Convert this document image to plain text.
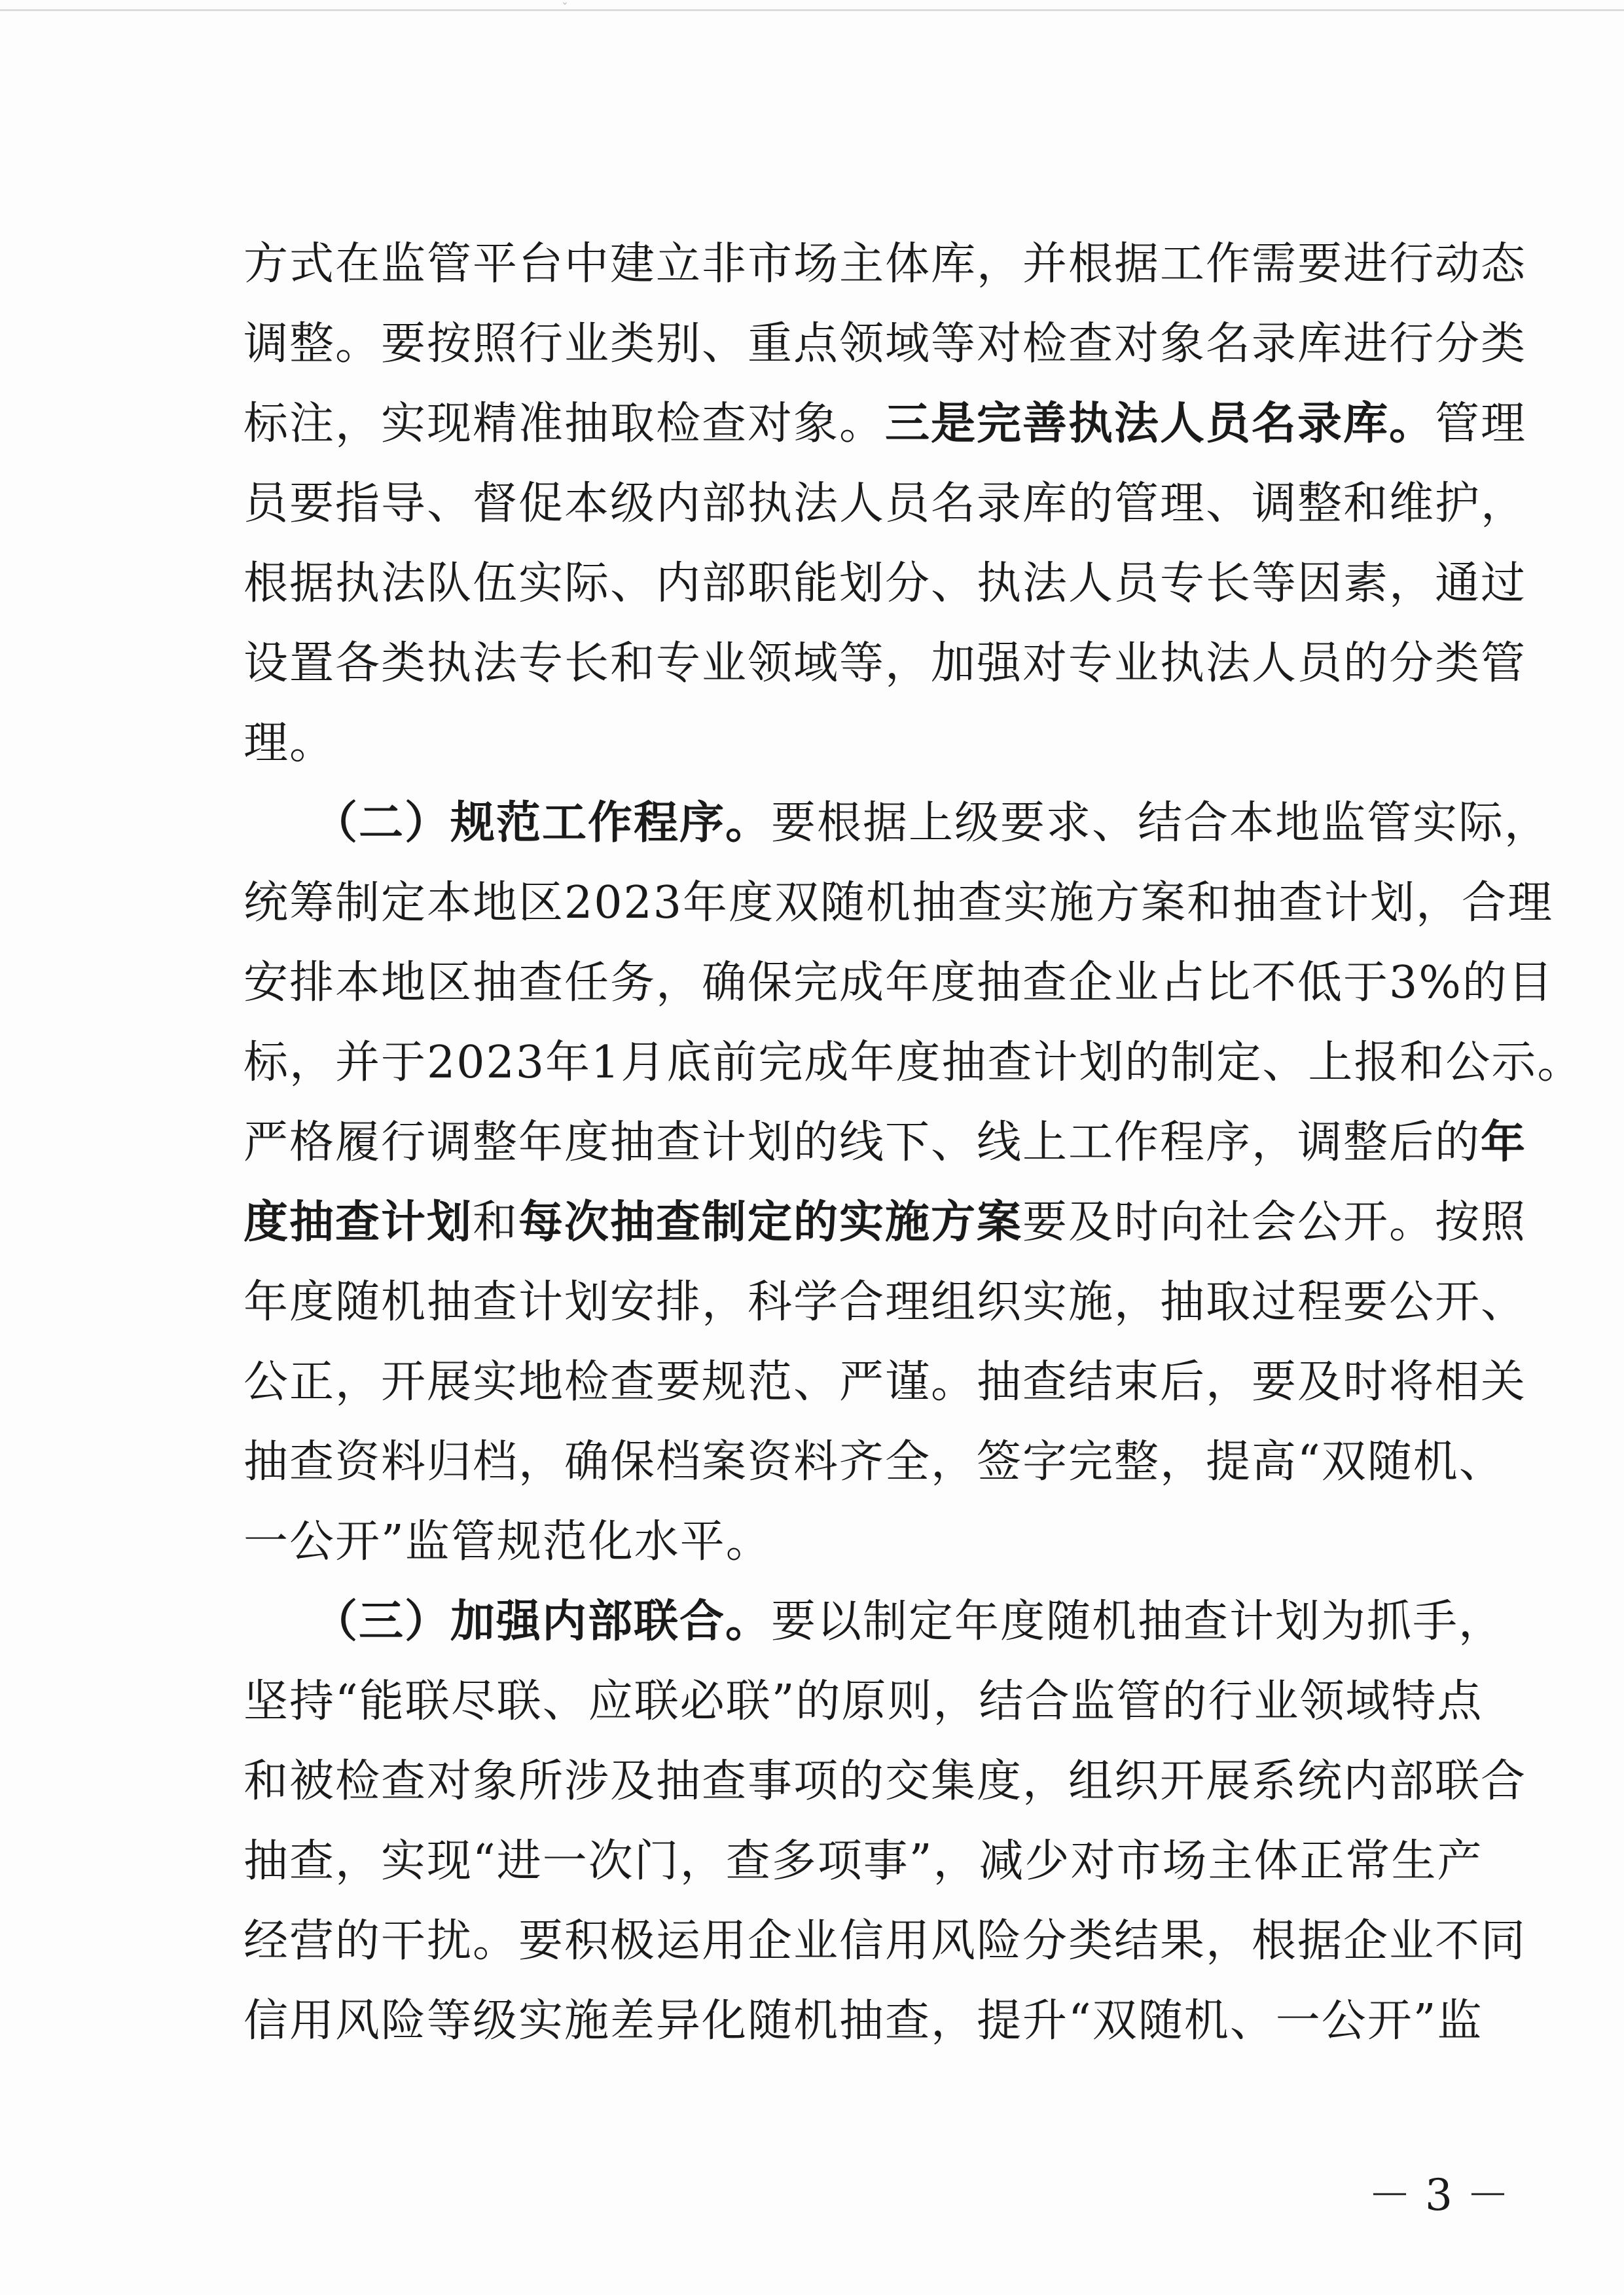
ˇ
方式在监管平台中建立非市场主体库，并根据工作需要进行动态
调整。要按照行业类别、重点领域等对检查对象名录库进行分类
标注，实现精准抽取检查对象。三是完善执法人员名录库。管理
员要指导、督促本级内部执法人员名录库的管理、调整和维护，
根据执法队伍实际、内部职能划分、执法人员专长等因素，通过
设置各类执法专长和专业领域等，加强对专业执法人员的分类管
理。
　　（二）规范工作程序。要根据上级要求、结合本地监管实际，
统筹制定本地区2023年度双随机抽查实施方案和抽查计划，合理
安排本地区抽查任务，确保完成年度抽查企业占比不低于3%的目
标，并于2023年1月底前完成年度抽查计划的制定、上报和公示。
严格履行调整年度抽查计划的线下、线上工作程序，调整后的年
度抽查计划和每次抽查制定的实施方案要及时向社会公开。按照
年度随机抽查计划安排，科学合理组织实施，抽取过程要公开、
公正，开展实地检查要规范、严谨。抽查结束后，要及时将相关
抽查资料归档，确保档案资料齐全，签字完整，提高“双随机、
一公开”监管规范化水平。
　　（三）加强内部联合。要以制定年度随机抽查计划为抓手，
坚持“能联尽联、应联必联”的原则，结合监管的行业领域特点
和被检查对象所涉及抽查事项的交集度，组织开展系统内部联合
抽查，实现“进一次门，查多项事”，减少对市场主体正常生产
经营的干扰。要积极运用企业信用风险分类结果，根据企业不同
信用风险等级实施差异化随机抽查，提升“双随机、一公开”监
－ 3 －
